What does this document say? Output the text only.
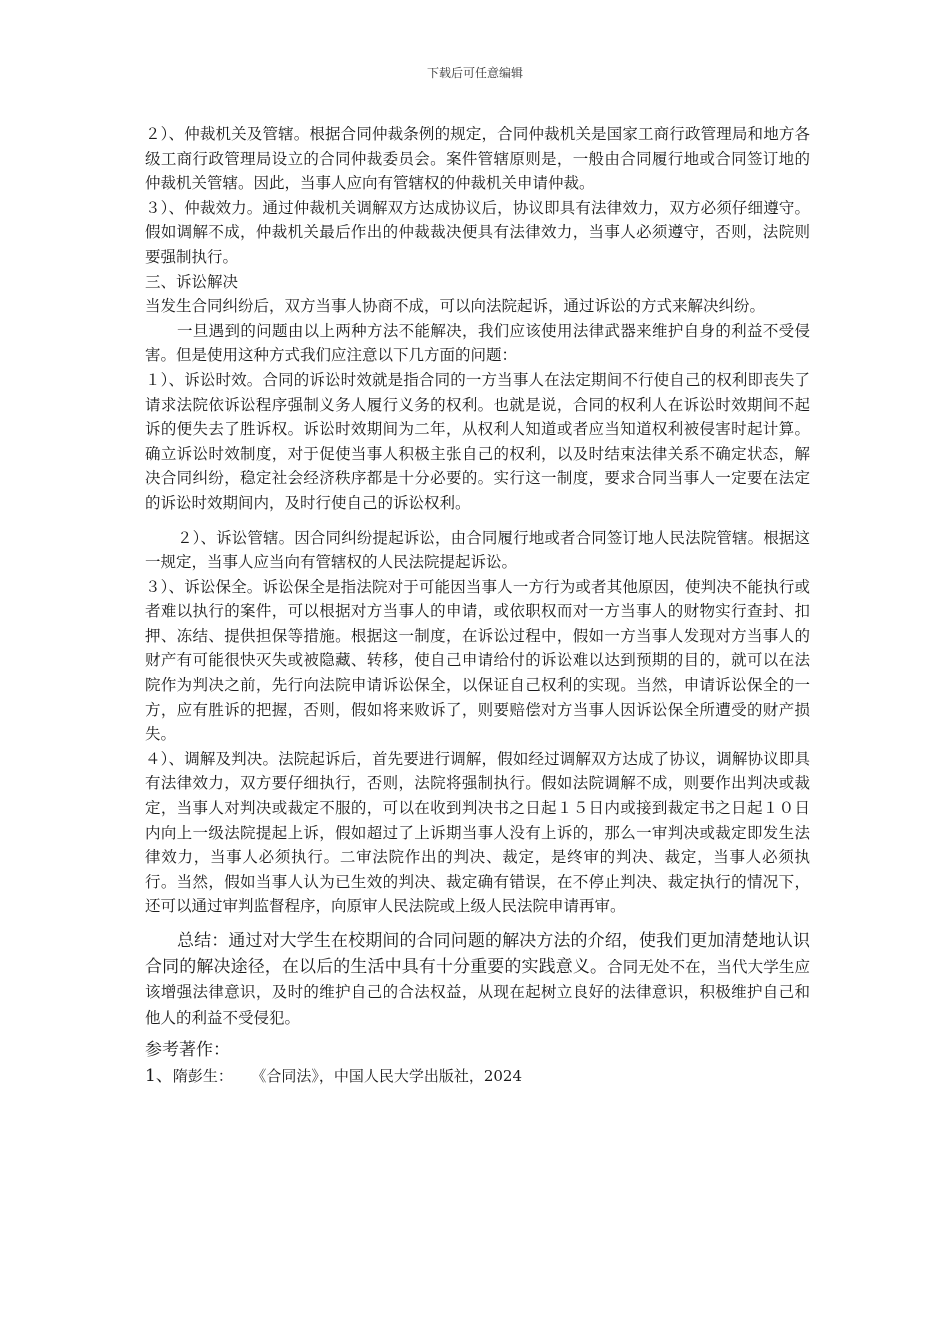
下载后可任意编辑

２）、仲裁机关及管辖。根据合同仲裁条例的规定，合同仲裁机关是国家工商行政管理局和地方各级工商行政管理局设立的合同仲裁委员会。案件管辖原则是，一般由合同履行地或合同签订地的仲裁机关管辖。因此，当事人应向有管辖权的仲裁机关申请仲裁。

３）、仲裁效力。通过仲裁机关调解双方达成协议后，协议即具有法律效力，双方必须仔细遵守。假如调解不成，仲裁机关最后作出的仲裁裁决便具有法律效力，当事人必须遵守，否则，法院则要强制执行。

三、诉讼解决

当发生合同纠纷后，双方当事人协商不成，可以向法院起诉，通过诉讼的方式来解决纠纷。

一旦遇到的问题由以上两种方法不能解决，我们应该使用法律武器来维护自身的利益不受侵害。但是使用这种方式我们应注意以下几方面的问题：

１）、诉讼时效。合同的诉讼时效就是指合同的一方当事人在法定期间不行使自己的权利即丧失了请求法院依诉讼程序强制义务人履行义务的权利。也就是说，合同的权利人在诉讼时效期间不起诉的便失去了胜诉权。诉讼时效期间为二年，从权利人知道或者应当知道权利被侵害时起计算。确立诉讼时效制度，对于促使当事人积极主张自己的权利，以及时结束法律关系不确定状态，解决合同纠纷，稳定社会经济秩序都是十分必要的。实行这一制度，要求合同当事人一定要在法定的诉讼时效期间内，及时行使自己的诉讼权利。

２）、诉讼管辖。因合同纠纷提起诉讼，由合同履行地或者合同签订地人民法院管辖。根据这一规定，当事人应当向有管辖权的人民法院提起诉讼。

３）、诉讼保全。诉讼保全是指法院对于可能因当事人一方行为或者其他原因，使判决不能执行或者难以执行的案件，可以根据对方当事人的申请，或依职权而对一方当事人的财物实行查封、扣押、冻结、提供担保等措施。根据这一制度，在诉讼过程中，假如一方当事人发现对方当事人的财产有可能很快灭失或被隐藏、转移，使自己申请给付的诉讼难以达到预期的目的，就可以在法院作为判决之前，先行向法院申请诉讼保全，以保证自己权利的实现。当然，申请诉讼保全的一方，应有胜诉的把握，否则，假如将来败诉了，则要赔偿对方当事人因诉讼保全所遭受的财产损失。

４）、调解及判决。法院起诉后，首先要进行调解，假如经过调解双方达成了协议，调解协议即具有法律效力，双方要仔细执行，否则，法院将强制执行。假如法院调解不成，则要作出判决或裁定，当事人对判决或裁定不服的，可以在收到判决书之日起１５日内或接到裁定书之日起１０日内向上一级法院提起上诉，假如超过了上诉期当事人没有上诉的，那么一审判决或裁定即发生法律效力，当事人必须执行。二审法院作出的判决、裁定，是终审的判决、裁定，当事人必须执行。当然，假如当事人认为已生效的判决、裁定确有错误，在不停止判决、裁定执行的情况下，还可以通过审判监督程序，向原审人民法院或上级人民法院申请再审。

总结：通过对大学生在校期间的合同问题的解决方法的介绍，使我们更加清楚地认识合同的解决途径，在以后的生活中具有十分重要的实践意义。合同无处不在，当代大学生应该增强法律意识，及时的维护自己的合法权益，从现在起树立良好的法律意识，积极维护自己和他人的利益不受侵犯。

参考著作：
1、隋彭生： 《合同法》，中国人民大学出版社，2024
